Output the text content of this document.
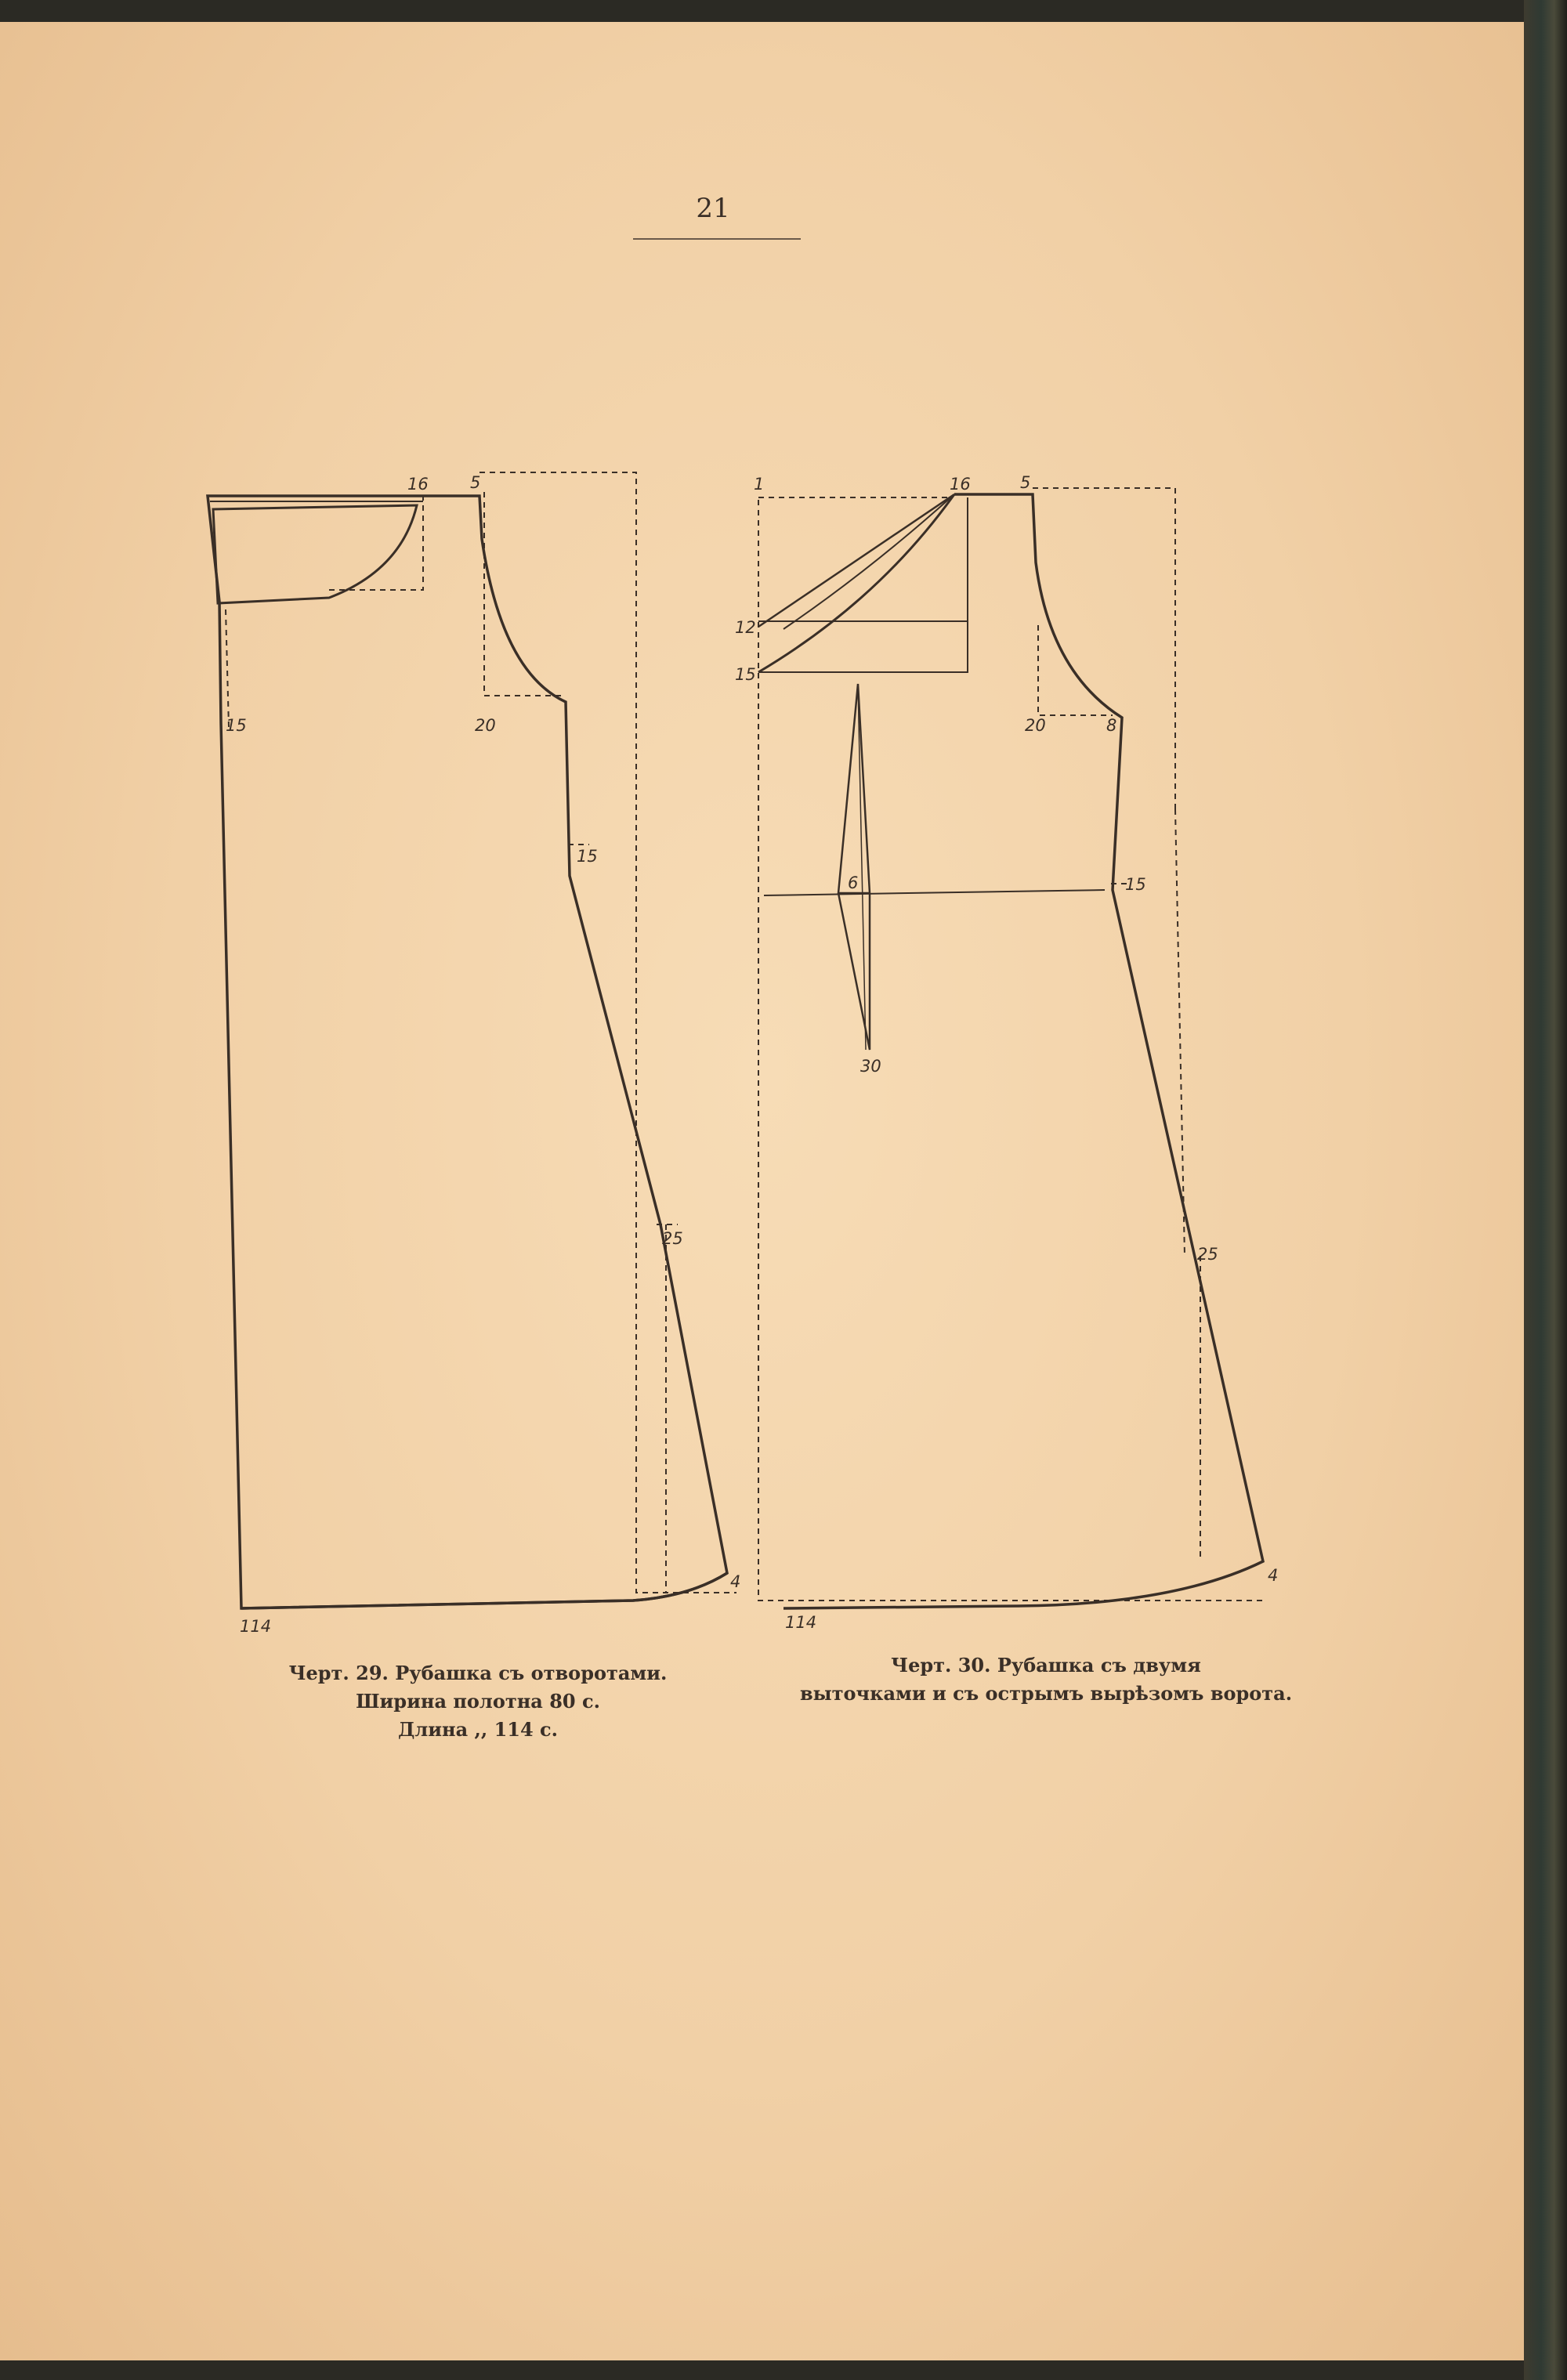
21
16	5
15	20
15
25
4
114
1	16	5
12
15
20	8
15
6
30
25
4
114
Черт. 29. Рубашка съ отворотами.
Ширина полотна 80 с.
Длина ,, 114 с.
Черт. 30. Рубашка съ двумя
выточками и съ острымъ вырѣзомъ ворота.
